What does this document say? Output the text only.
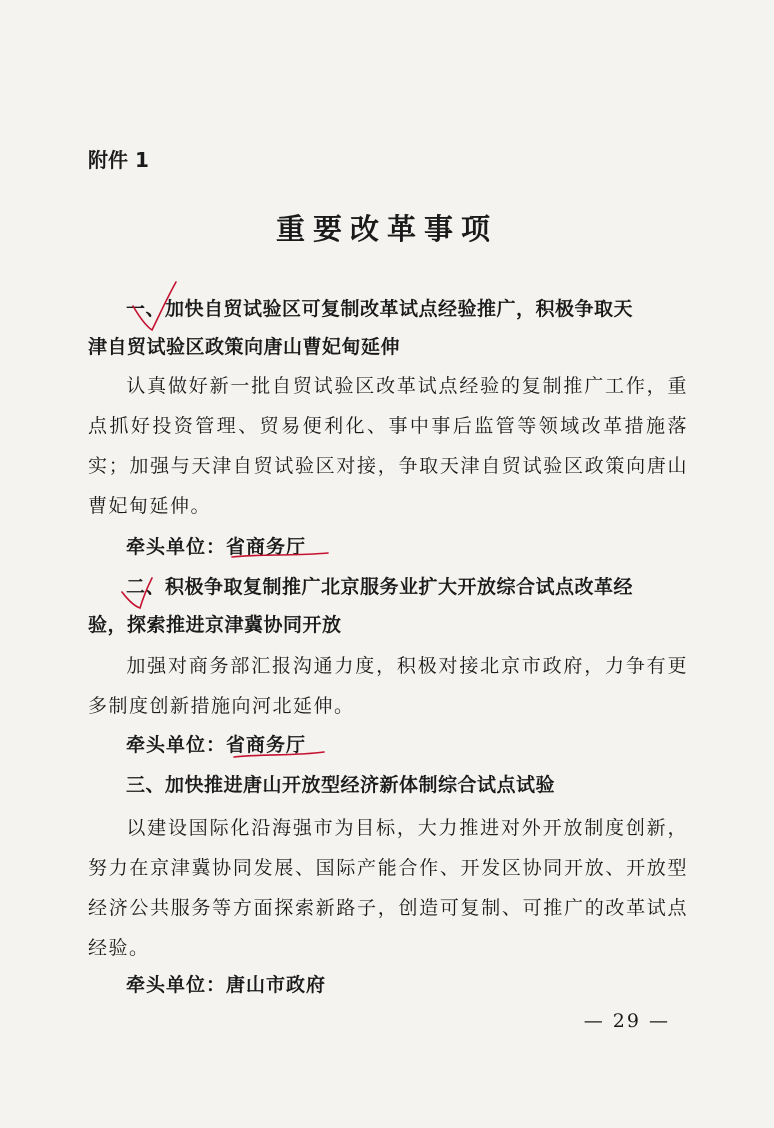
附件 1
重要改革事项
一、加快自贸试验区可复制改革试点经验推广，积极争取天
津自贸试验区政策向唐山曹妃甸延伸
认真做好新一批自贸试验区改革试点经验的复制推广工作，重点抓好投资管理、贸易便利化、事中事后监管等领域改革措施落实；加强与天津自贸试验区对接，争取天津自贸试验区政策向唐山曹妃甸延伸。
牵头单位：省商务厅
二、积极争取复制推广北京服务业扩大开放综合试点改革经
验，探索推进京津冀协同开放
加强对商务部汇报沟通力度，积极对接北京市政府，力争有更多制度创新措施向河北延伸。
牵头单位：省商务厅
三、加快推进唐山开放型经济新体制综合试点试验
以建设国际化沿海强市为目标，大力推进对外开放制度创新，努力在京津冀协同发展、国际产能合作、开发区协同开放、开放型经济公共服务等方面探索新路子，创造可复制、可推广的改革试点经验。
牵头单位：唐山市政府
— 29 —
